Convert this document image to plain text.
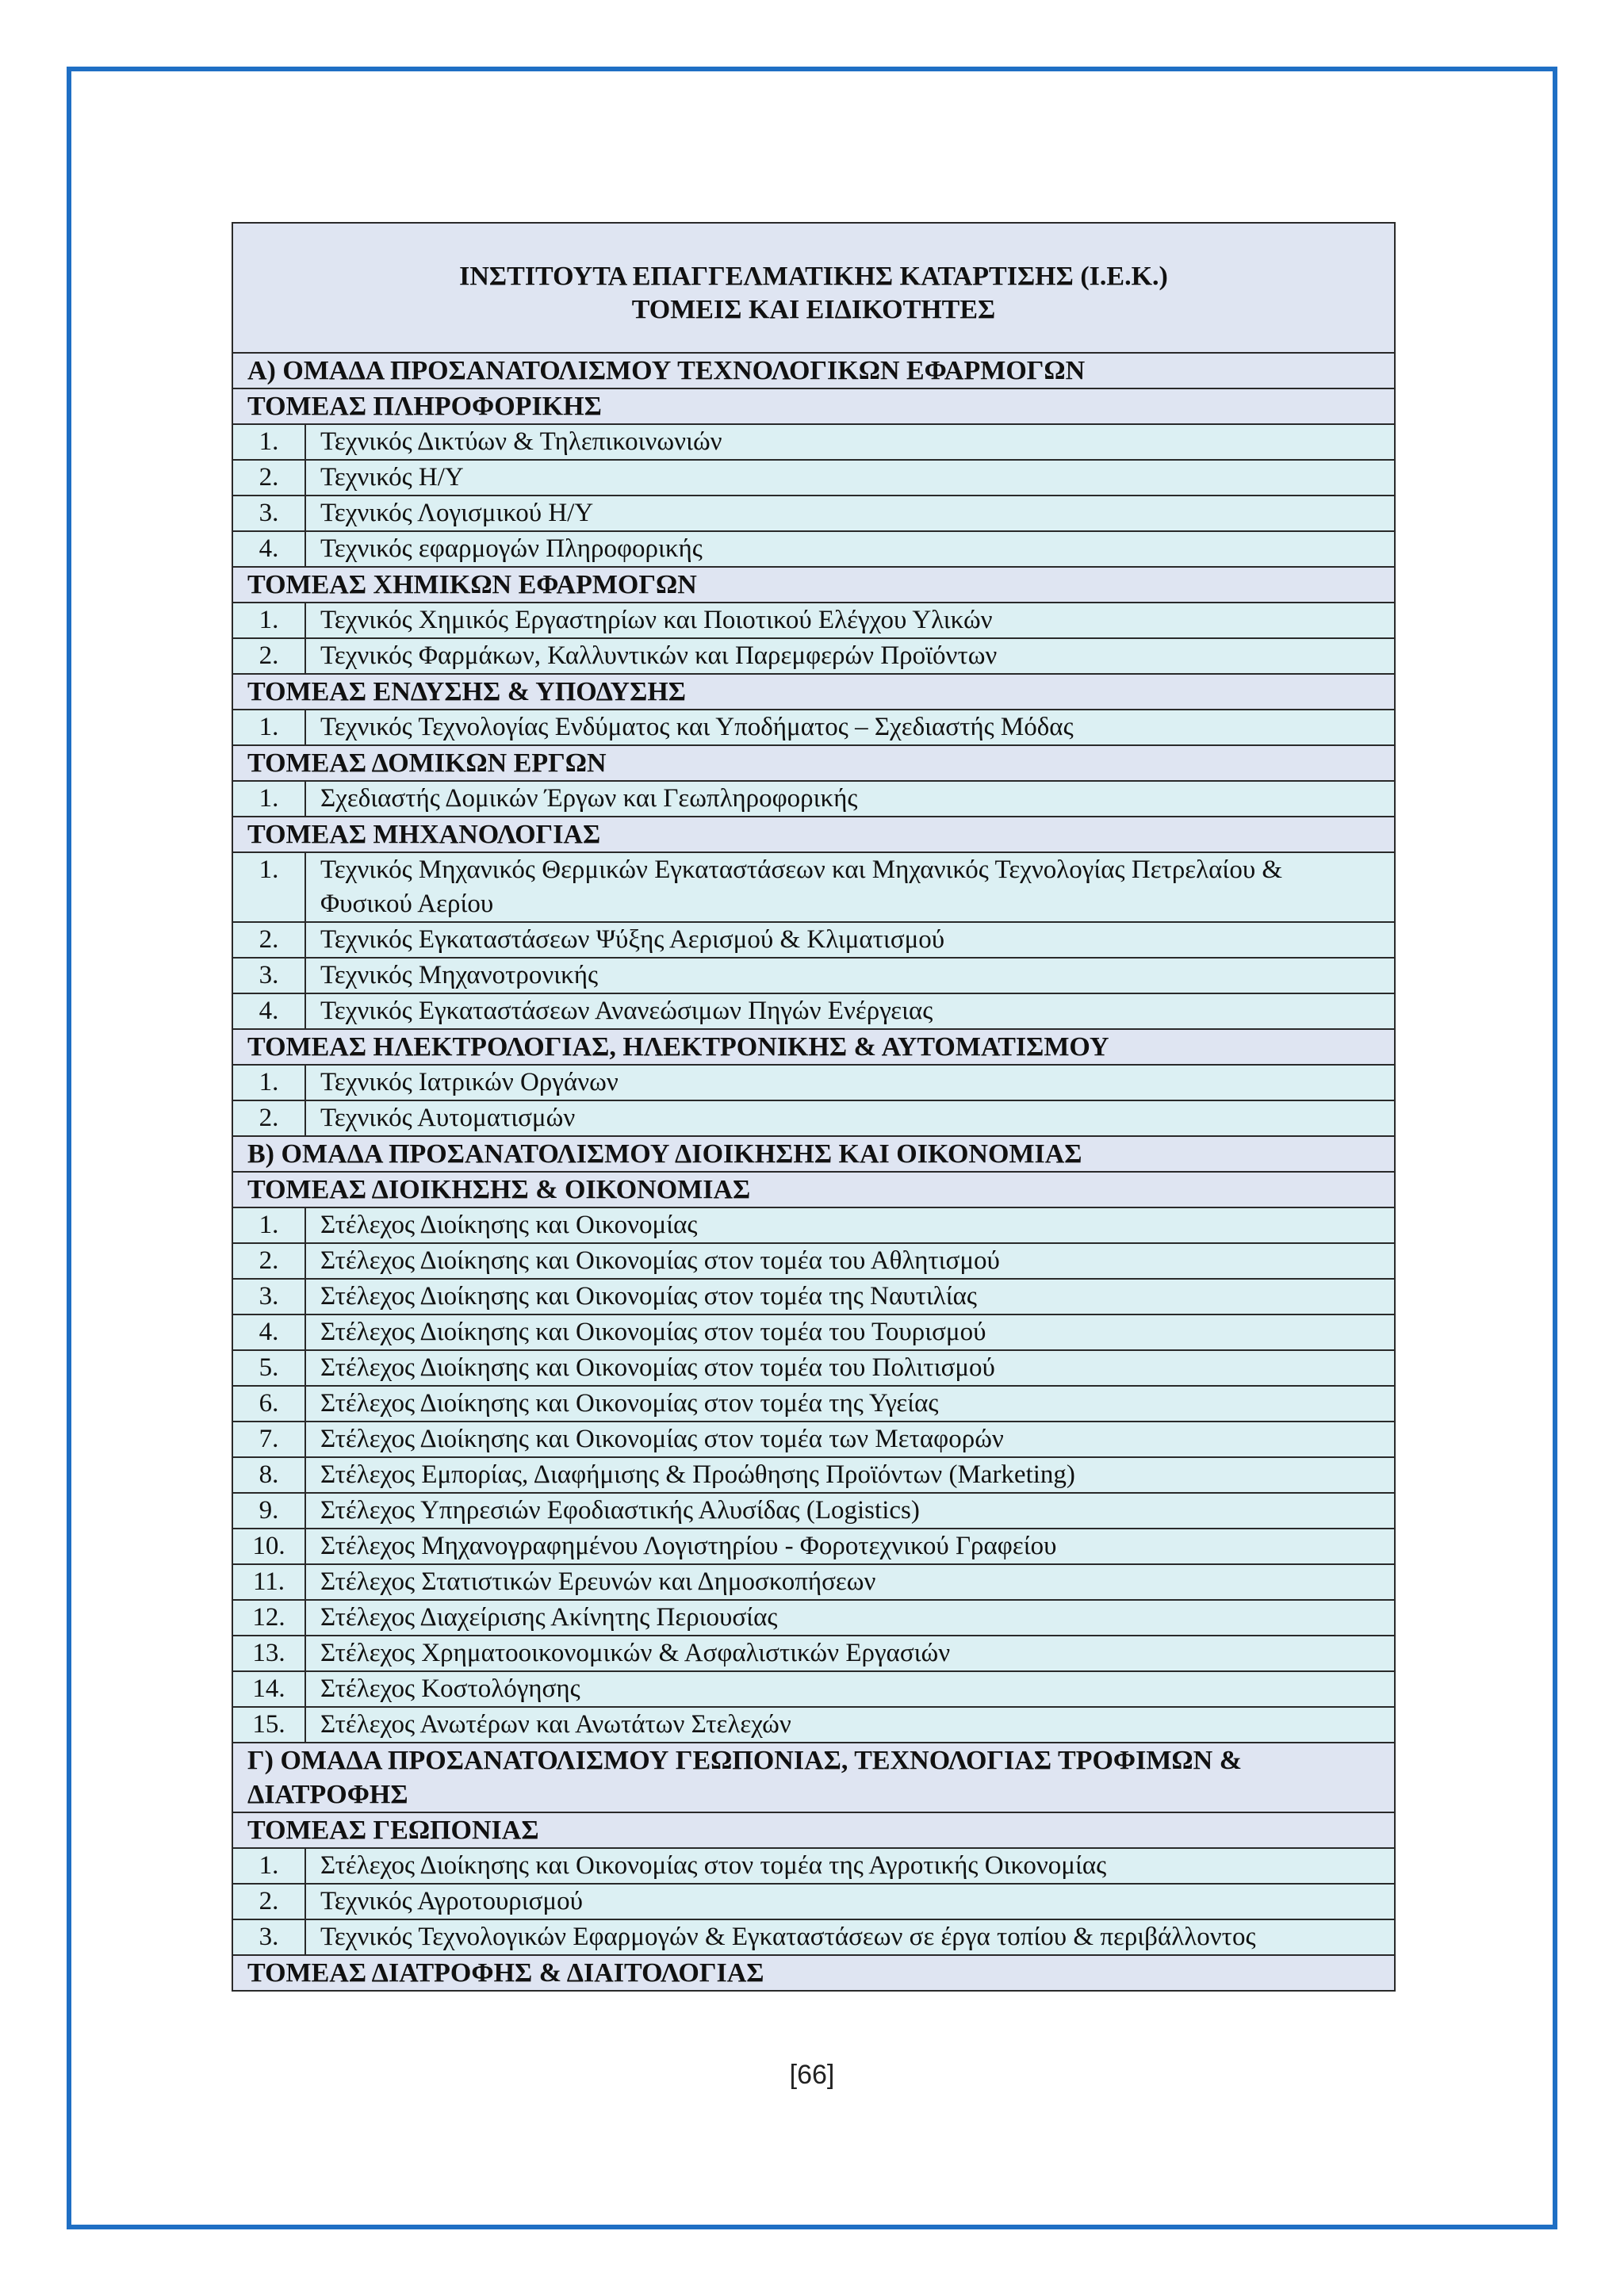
ΙΝΣΤΙΤΟΥΤΑ ΕΠΑΓΓΕΛΜΑΤΙΚΗΣ ΚΑΤΑΡΤΙΣΗΣ (Ι.Ε.Κ.)
ΤΟΜΕΙΣ ΚΑΙ ΕΙΔΙΚΟΤΗΤΕΣ	

Α) ΟΜΑΔΑ ΠΡΟΣΑΝΑΤΟΛΙΣΜΟΥ ΤΕΧΝΟΛΟΓΙΚΩΝ ΕΦΑΡΜΟΓΩΝ	
ΤΟΜΕΑΣ ΠΛΗΡΟΦΟΡΙΚΗΣ	
1.	Τεχνικός Δικτύων & Τηλεπικοινωνιών
2.	Τεχνικός Η/Υ
3.	Τεχνικός Λογισμικού Η/Υ
4.	Τεχνικός εφαρμογών Πληροφορικής
ΤΟΜΕΑΣ ΧΗΜΙΚΩΝ ΕΦΑΡΜΟΓΩΝ	
1.	Τεχνικός Χημικός Εργαστηρίων και Ποιοτικού Ελέγχου Υλικών
2.	Τεχνικός Φαρμάκων, Καλλυντικών και Παρεμφερών Προϊόντων
ΤΟΜΕΑΣ ΕΝΔΥΣΗΣ & ΥΠΟΔΥΣΗΣ	
1.	Τεχνικός Τεχνολογίας Ενδύματος και Υποδήματος – Σχεδιαστής Μόδας
ΤΟΜΕΑΣ ΔΟΜΙΚΩΝ ΕΡΓΩΝ	
1.	Σχεδιαστής Δομικών Έργων και Γεωπληροφορικής
ΤΟΜΕΑΣ ΜΗΧΑΝΟΛΟΓΙΑΣ	
1.	Τεχνικός Μηχανικός Θερμικών Εγκαταστάσεων και Μηχανικός Τεχνολογίας Πετρελαίου & Φυσικού Αερίου
2.	Τεχνικός Εγκαταστάσεων Ψύξης Αερισμού & Κλιματισμού
3.	Τεχνικός Μηχανοτρονικής
4.	Τεχνικός Εγκαταστάσεων Ανανεώσιμων Πηγών Ενέργειας
ΤΟΜΕΑΣ ΗΛΕΚΤΡΟΛΟΓΙΑΣ, ΗΛΕΚΤΡΟΝΙΚΗΣ & ΑΥΤΟΜΑΤΙΣΜΟΥ	
1.	Τεχνικός Ιατρικών Οργάνων
2.	Τεχνικός Αυτοματισμών
Β) ΟΜΑΔΑ ΠΡΟΣΑΝΑΤΟΛΙΣΜΟΥ ΔΙΟΙΚΗΣΗΣ ΚΑΙ ΟΙΚΟΝΟΜΙΑΣ	
ΤΟΜΕΑΣ ΔΙΟΙΚΗΣΗΣ & ΟΙΚΟΝΟΜΙΑΣ	
1.	Στέλεχος Διοίκησης και Οικονομίας
2.	Στέλεχος Διοίκησης και Οικονομίας στον τομέα του Αθλητισμού
3.	Στέλεχος Διοίκησης και Οικονομίας στον τομέα της Ναυτιλίας
4.	Στέλεχος Διοίκησης και Οικονομίας στον τομέα του Τουρισμού
5.	Στέλεχος Διοίκησης και Οικονομίας στον τομέα του Πολιτισμού
6.	Στέλεχος Διοίκησης και Οικονομίας στον τομέα της Υγείας
7.	Στέλεχος Διοίκησης και Οικονομίας στον τομέα των Μεταφορών
8.	Στέλεχος Εμπορίας, Διαφήμισης & Προώθησης Προϊόντων (Marketing)
9.	Στέλεχος Υπηρεσιών Εφοδιαστικής Αλυσίδας (Logistics)
10.	Στέλεχος Μηχανογραφημένου Λογιστηρίου - Φοροτεχνικού Γραφείου
11.	Στέλεχος Στατιστικών Ερευνών και Δημοσκοπήσεων
12.	Στέλεχος Διαχείρισης Ακίνητης Περιουσίας
13.	Στέλεχος Χρηματοοικονομικών & Ασφαλιστικών Εργασιών
14.	Στέλεχος Κοστολόγησης
15.	Στέλεχος Ανωτέρων και Ανωτάτων Στελεχών
Γ) ΟΜΑΔΑ ΠΡΟΣΑΝΑΤΟΛΙΣΜΟΥ ΓΕΩΠΟΝΙΑΣ, ΤΕΧΝΟΛΟΓΙΑΣ ΤΡΟΦΙΜΩΝ & ΔΙΑΤΡΟΦΗΣ	
ΤΟΜΕΑΣ ΓΕΩΠΟΝΙΑΣ	
1.	Στέλεχος Διοίκησης και Οικονομίας στον τομέα της Αγροτικής Οικονομίας
2.	Τεχνικός Αγροτουρισμού
3.	Τεχνικός Τεχνολογικών Εφαρμογών & Εγκαταστάσεων σε έργα τοπίου & περιβάλλοντος
ΤΟΜΕΑΣ ΔΙΑΤΡΟΦΗΣ & ΔΙΑΙΤΟΛΟΓΙΑΣ	
[66]
